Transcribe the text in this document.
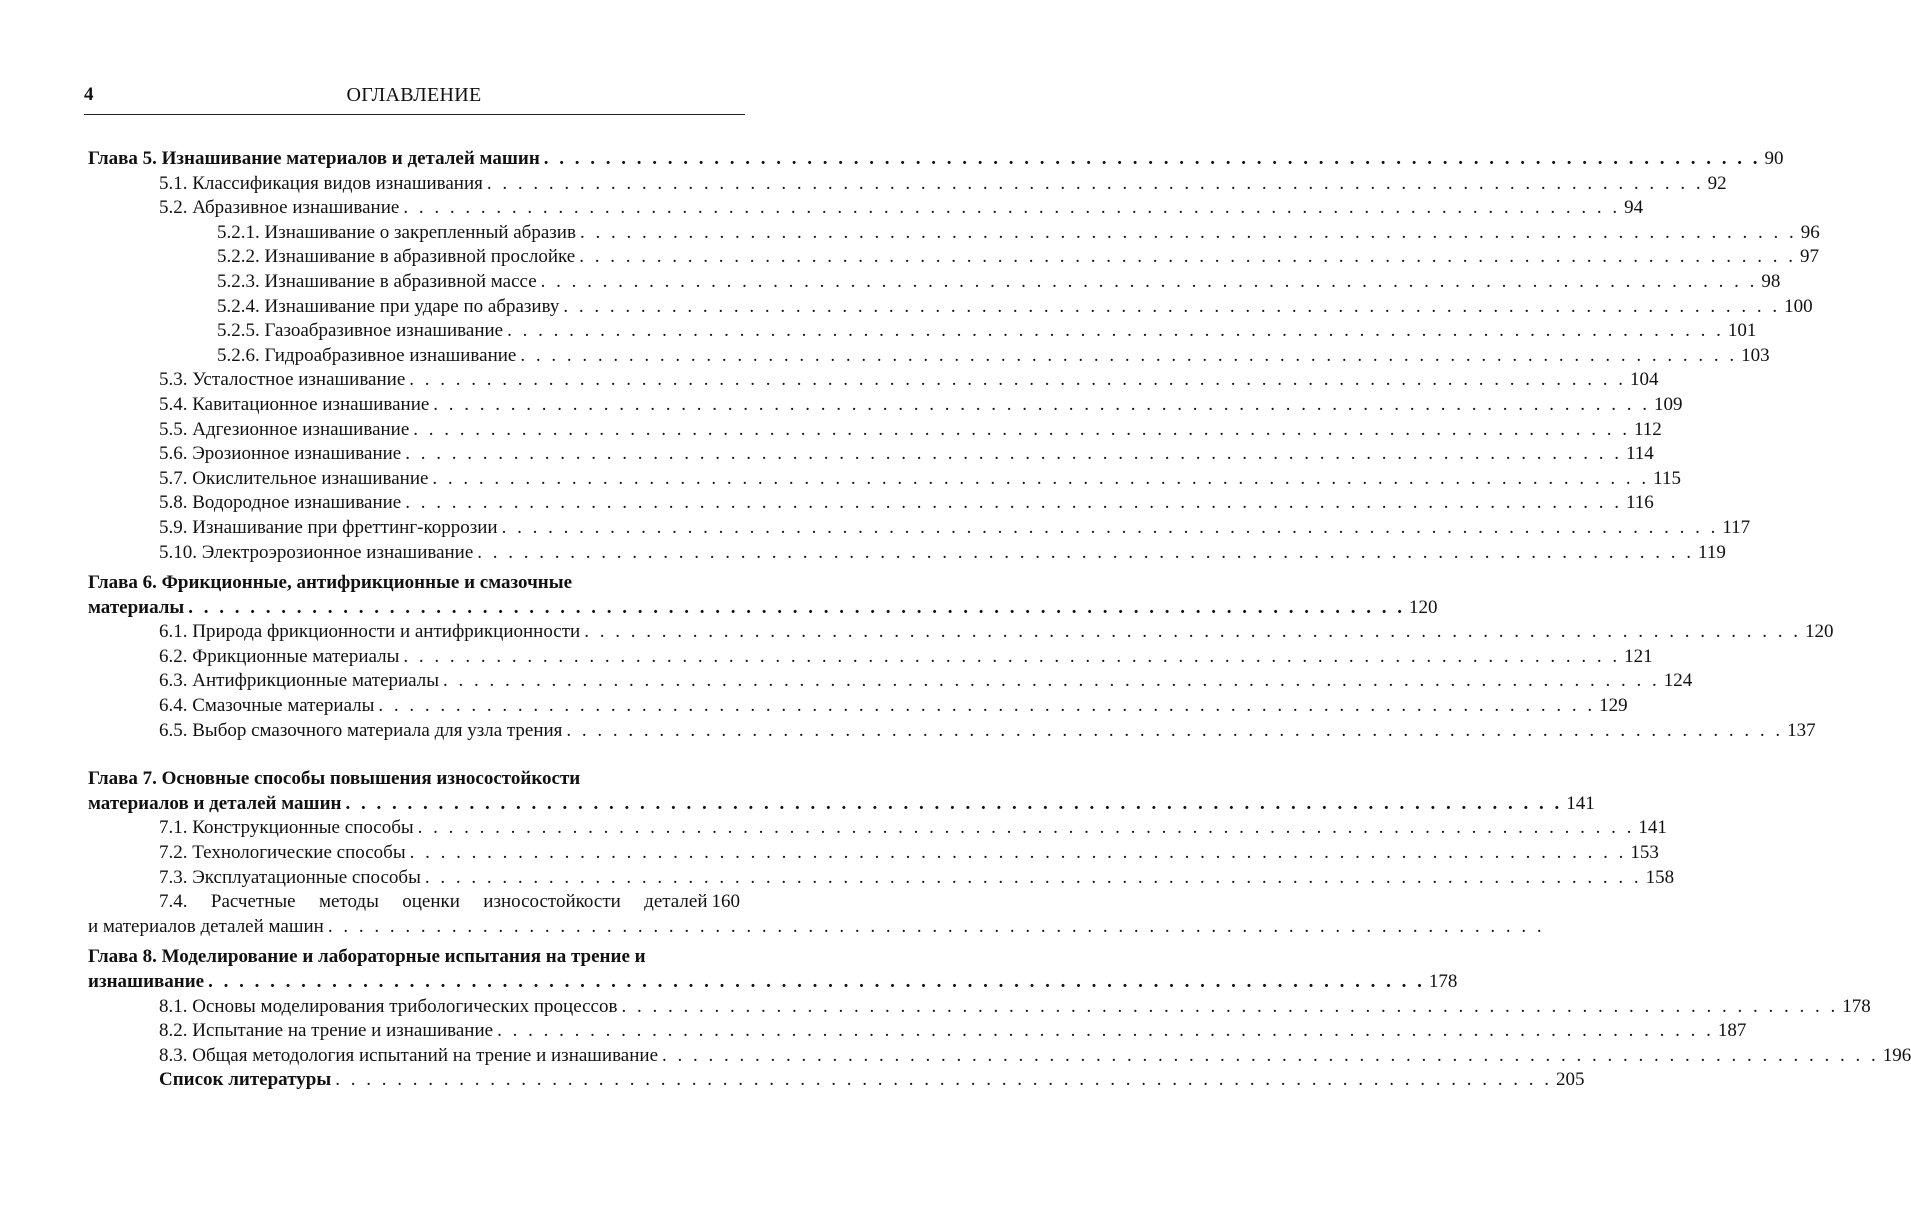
4	ОГЛАВЛЕНИЕ
Глава 5. Изнашивание материалов и деталей машин . . . . . . . . . . . . . . . . . . . . . . . . . . . . . . . . . . . . . . . . . . . . . . . . . . . . . . . . . . . . . . . . . . . . . . . . . . . . . . . 90
5.1. Классификация видов изнашивания . . . . . . . . . . . . . . . . . . . . . . . . . . . . . . . . . . . . . . . . . . . . . . . . . . . . . . . . . . . . . . . . . . . . . . . . . . . . . . . 92
5.2. Абразивное изнашивание . . . . . . . . . . . . . . . . . . . . . . . . . . . . . . . . . . . . . . . . . . . . . . . . . . . . . . . . . . . . . . . . . . . . . . . . . . . . . . . 94
5.2.1. Изнашивание о закрепленный абразив . . . . . . . . . . . . . . . . . . . . . . . . . . . . . . . . . . . . . . . . . . . . . . . . . . . . . . . . . . . . . . . . . . . . . . . . . . . . . . . 96
5.2.2. Изнашивание в абразивной прослойке . . . . . . . . . . . . . . . . . . . . . . . . . . . . . . . . . . . . . . . . . . . . . . . . . . . . . . . . . . . . . . . . . . . . . . . . . . . . . . . 97
5.2.3. Изнашивание в абразивной массе . . . . . . . . . . . . . . . . . . . . . . . . . . . . . . . . . . . . . . . . . . . . . . . . . . . . . . . . . . . . . . . . . . . . . . . . . . . . . . . 98
5.2.4. Изнашивание при ударе по абразиву . . . . . . . . . . . . . . . . . . . . . . . . . . . . . . . . . . . . . . . . . . . . . . . . . . . . . . . . . . . . . . . . . . . . . . . . . . . . . . . 100
5.2.5. Газоабразивное изнашивание . . . . . . . . . . . . . . . . . . . . . . . . . . . . . . . . . . . . . . . . . . . . . . . . . . . . . . . . . . . . . . . . . . . . . . . . . . . . . . . 101
5.2.6. Гидроабразивное изнашивание . . . . . . . . . . . . . . . . . . . . . . . . . . . . . . . . . . . . . . . . . . . . . . . . . . . . . . . . . . . . . . . . . . . . . . . . . . . . . . . 103
5.3. Усталостное изнашивание . . . . . . . . . . . . . . . . . . . . . . . . . . . . . . . . . . . . . . . . . . . . . . . . . . . . . . . . . . . . . . . . . . . . . . . . . . . . . . . 104
5.4. Кавитационное изнашивание . . . . . . . . . . . . . . . . . . . . . . . . . . . . . . . . . . . . . . . . . . . . . . . . . . . . . . . . . . . . . . . . . . . . . . . . . . . . . . . 109
5.5. Адгезионное изнашивание . . . . . . . . . . . . . . . . . . . . . . . . . . . . . . . . . . . . . . . . . . . . . . . . . . . . . . . . . . . . . . . . . . . . . . . . . . . . . . . 112
5.6. Эрозионное изнашивание . . . . . . . . . . . . . . . . . . . . . . . . . . . . . . . . . . . . . . . . . . . . . . . . . . . . . . . . . . . . . . . . . . . . . . . . . . . . . . . 114
5.7. Окислительное изнашивание . . . . . . . . . . . . . . . . . . . . . . . . . . . . . . . . . . . . . . . . . . . . . . . . . . . . . . . . . . . . . . . . . . . . . . . . . . . . . . . 115
5.8. Водородное изнашивание . . . . . . . . . . . . . . . . . . . . . . . . . . . . . . . . . . . . . . . . . . . . . . . . . . . . . . . . . . . . . . . . . . . . . . . . . . . . . . . 116
5.9. Изнашивание при фреттинг-коррозии . . . . . . . . . . . . . . . . . . . . . . . . . . . . . . . . . . . . . . . . . . . . . . . . . . . . . . . . . . . . . . . . . . . . . . . . . . . . . . . 117
5.10. Электроэрозионное изнашивание . . . . . . . . . . . . . . . . . . . . . . . . . . . . . . . . . . . . . . . . . . . . . . . . . . . . . . . . . . . . . . . . . . . . . . . . . . . . . . . 119
Глава 6. Фрикционные, антифрикционные и смазочные
материалы . . . . . . . . . . . . . . . . . . . . . . . . . . . . . . . . . . . . . . . . . . . . . . . . . . . . . . . . . . . . . . . . . . . . . . . . . . . . . . . 120
6.1. Природа фрикционности и антифрикционности . . . . . . . . . . . . . . . . . . . . . . . . . . . . . . . . . . . . . . . . . . . . . . . . . . . . . . . . . . . . . . . . . . . . . . . . . . . . . . . 120
6.2. Фрикционные материалы . . . . . . . . . . . . . . . . . . . . . . . . . . . . . . . . . . . . . . . . . . . . . . . . . . . . . . . . . . . . . . . . . . . . . . . . . . . . . . . 121
6.3. Антифрикционные материалы . . . . . . . . . . . . . . . . . . . . . . . . . . . . . . . . . . . . . . . . . . . . . . . . . . . . . . . . . . . . . . . . . . . . . . . . . . . . . . . 124
6.4. Смазочные материалы . . . . . . . . . . . . . . . . . . . . . . . . . . . . . . . . . . . . . . . . . . . . . . . . . . . . . . . . . . . . . . . . . . . . . . . . . . . . . . . 129
6.5. Выбор смазочного материала для узла трения . . . . . . . . . . . . . . . . . . . . . . . . . . . . . . . . . . . . . . . . . . . . . . . . . . . . . . . . . . . . . . . . . . . . . . . . . . . . . . . 137
Глава 7. Основные способы повышения износостойкости
материалов и деталей машин . . . . . . . . . . . . . . . . . . . . . . . . . . . . . . . . . . . . . . . . . . . . . . . . . . . . . . . . . . . . . . . . . . . . . . . . . . . . . . . 141
7.1. Конструкционные способы . . . . . . . . . . . . . . . . . . . . . . . . . . . . . . . . . . . . . . . . . . . . . . . . . . . . . . . . . . . . . . . . . . . . . . . . . . . . . . . 141
7.2. Технологические способы . . . . . . . . . . . . . . . . . . . . . . . . . . . . . . . . . . . . . . . . . . . . . . . . . . . . . . . . . . . . . . . . . . . . . . . . . . . . . . . 153
7.3. Эксплуатационные способы . . . . . . . . . . . . . . . . . . . . . . . . . . . . . . . . . . . . . . . . . . . . . . . . . . . . . . . . . . . . . . . . . . . . . . . . . . . . . . . 158
7.4. Расчетные методы оценки износостойкости деталей 160
и материалов деталей машин . . . . . . . . . . . . . . . . . . . . . . . . . . . . . . . . . . . . . . . . . . . . . . . . . . . . . . . . . . . . . . . . . . . . . . . . . . . . . . .
Глава 8. Моделирование и лабораторные испытания на трение и
изнашивание . . . . . . . . . . . . . . . . . . . . . . . . . . . . . . . . . . . . . . . . . . . . . . . . . . . . . . . . . . . . . . . . . . . . . . . . . . . . . . . 178
8.1. Основы моделирования трибологических процессов . . . . . . . . . . . . . . . . . . . . . . . . . . . . . . . . . . . . . . . . . . . . . . . . . . . . . . . . . . . . . . . . . . . . . . . . . . . . . . . 178
8.2. Испытание на трение и изнашивание . . . . . . . . . . . . . . . . . . . . . . . . . . . . . . . . . . . . . . . . . . . . . . . . . . . . . . . . . . . . . . . . . . . . . . . . . . . . . . . 187
8.3. Общая методология испытаний на трение и изнашивание . . . . . . . . . . . . . . . . . . . . . . . . . . . . . . . . . . . . . . . . . . . . . . . . . . . . . . . . . . . . . . . . . . . . . . . . . . . . . . . 196
Список литературы . . . . . . . . . . . . . . . . . . . . . . . . . . . . . . . . . . . . . . . . . . . . . . . . . . . . . . . . . . . . . . . . . . . . . . . . . . . . . . . 205
